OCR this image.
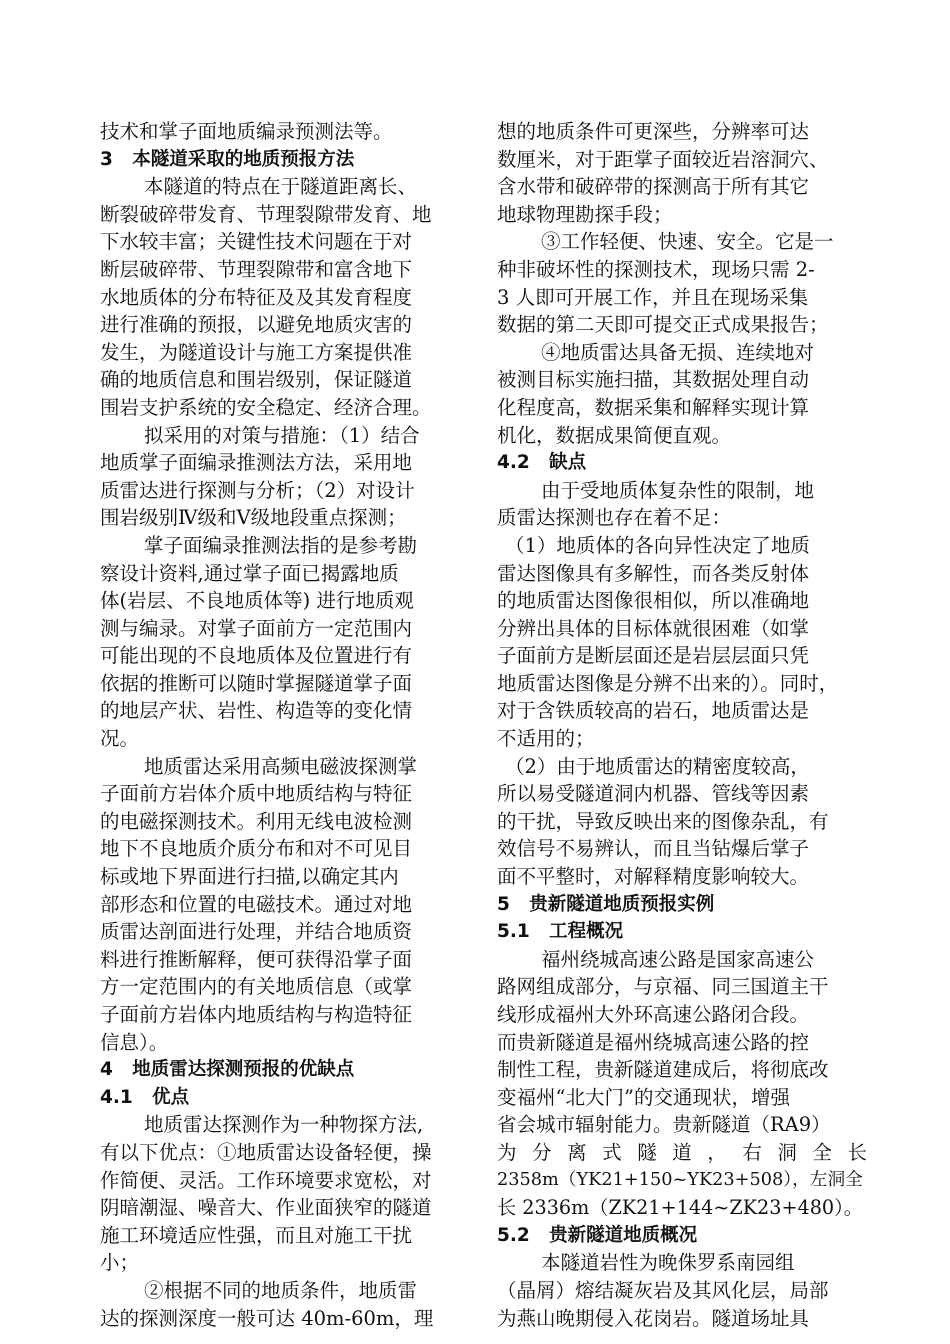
技术和掌子面地质编录预测法等。
3   本隧道采取的地质预报方法
本隧道的特点在于隧道距离长、
断裂破碎带发育、节理裂隙带发育、地
下水较丰富；关键性技术问题在于对
断层破碎带、节理裂隙带和富含地下
水地质体的分布特征及及其发育程度
进行准确的预报，以避免地质灾害的
发生，为隧道设计与施工方案提供准
确的地质信息和围岩级别，保证隧道
围岩支护系统的安全稳定、经济合理。
拟采用的对策与措施：（1）结合
地质掌子面编录推测法方法，采用地
质雷达进行探测与分析；（2）对设计
围岩级别Ⅳ级和Ⅴ级地段重点探测；
掌子面编录推测法指的是参考勘
察设计资料,通过掌子面已揭露地质
体(岩层、不良地质体等) 进行地质观
测与编录。对掌子面前方一定范围内
可能出现的不良地质体及位置进行有
依据的推断可以随时掌握隧道掌子面
的地层产状、岩性、构造等的变化情
况。
地质雷达采用高频电磁波探测掌
子面前方岩体介质中地质结构与特征
的电磁探测技术。利用无线电波检测
地下不良地质介质分布和对不可见目
标或地下界面进行扫描,以确定其内
部形态和位置的电磁技术。通过对地
质雷达剖面进行处理，并结合地质资
料进行推断解释，便可获得沿掌子面
方一定范围内的有关地质信息（或掌
子面前方岩体内地质结构与构造特征
信息）。
4   地质雷达探测预报的优缺点
4.1   优点
地质雷达探测作为一种物探方法,
有以下优点：①地质雷达设备轻便，操
作简便、灵活。工作环境要求宽松，对
阴暗潮湿、噪音大、作业面狭窄的隧道
施工环境适应性强，而且对施工干扰
小；
②根据不同的地质条件，地质雷
达的探测深度一般可达 40m-60m，理
想的地质条件可更深些，分辨率可达
数厘米，对于距掌子面较近岩溶洞穴、
含水带和破碎带的探测高于所有其它
地球物理勘探手段；
③工作轻便、快速、安全。它是一
种非破坏性的探测技术，现场只需 2-
3 人即可开展工作，并且在现场采集
数据的第二天即可提交正式成果报告；
④地质雷达具备无损、连续地对
被测目标实施扫描，其数据处理自动
化程度高，数据采集和解释实现计算
机化，数据成果简便直观。
4.2   缺点
由于受地质体复杂性的限制，地
质雷达探测也存在着不足：
（1）地质体的各向异性决定了地质
雷达图像具有多解性，而各类反射体
的地质雷达图像很相似，所以准确地
分辨出具体的目标体就很困难（如掌
子面前方是断层面还是岩层层面只凭
地质雷达图像是分辨不出来的）。同时，
对于含铁质较高的岩石，地质雷达是
不适用的；
（2）由于地质雷达的精密度较高，
所以易受隧道洞内机器、管线等因素
的干扰，导致反映出来的图像杂乱，有
效信号不易辨认，而且当钻爆后掌子
面不平整时，对解释精度影响较大。
5   贵新隧道地质预报实例
5.1   工程概况
福州绕城高速公路是国家高速公
路网组成部分，与京福、同三国道主干
线形成福州大外环高速公路闭合段。
而贵新隧道是福州绕城高速公路的控
制性工程，贵新隧道建成后，将彻底改
变福州“北大门”的交通现状，增强
省会城市辐射能力。贵新隧道（RA9）
为 分 离 式 隧 道 ， 右 洞 全 长
2358m（YK21+150~YK23+508），左洞全
长 2336m（ZK21+144~ZK23+480）。
5.2   贵新隧道地质概况
本隧道岩性为晚侏罗系南园组
（晶屑）熔结凝灰岩及其风化层，局部
为燕山晚期侵入花岗岩。隧道场址具
